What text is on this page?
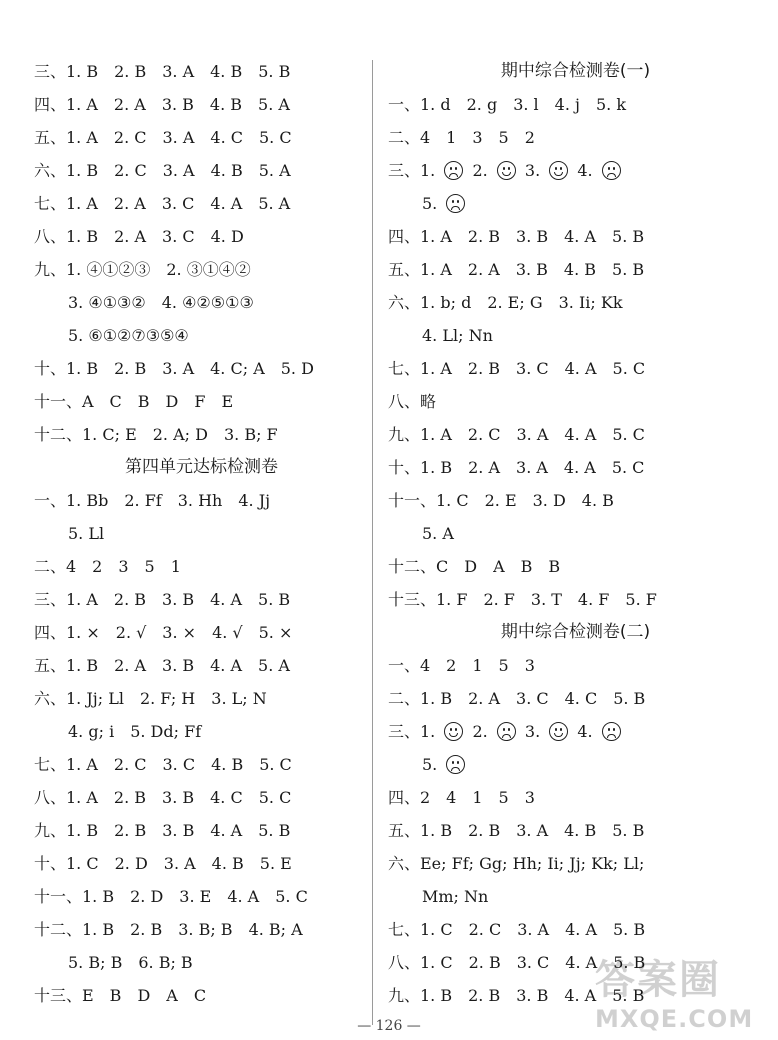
三、1. B　2. B　3. A　4. B　5. B
四、1. A　2. A　3. B　4. B　5. A
五、1. A　2. C　3. A　4. C　5. C
六、1. B　2. C　3. A　4. B　5. A
七、1. A　2. A　3. C　4. A　5. A
八、1. B　2. A　3. C　4. D
九、1. ④①②③　2. ③①④②
3. ④①③②　4. ④②⑤①③
5. ⑥①②⑦③⑤④
十、1. B　2. B　3. A　4. C; A　5. D
十一、A　C　B　D　F　E
十二、1. C; E　2. A; D　3. B; F
第四单元达标检测卷
一、1. Bb　2. Ff　3. Hh　4. Jj
5. Ll
二、4　2　3　5　1
三、1. A　2. B　3. B　4. A　5. B
四、1. ×　2. √　3. ×　4. √　5. ×
五、1. B　2. A　3. B　4. A　5. A
六、1. Jj; Ll　2. F; H　3. L; N
4. g; i　5. Dd; Ff
七、1. A　2. C　3. C　4. B　5. C
八、1. A　2. B　3. B　4. C　5. C
九、1. B　2. B　3. B　4. A　5. B
十、1. C　2. D　3. A　4. B　5. E
十一、1. B　2. D　3. E　4. A　5. C
十二、1. B　2. B　3. B; B　4. B; A
5. B; B　6. B; B
十三、E　B　D　A　C
期中综合检测卷(一)
一、1. d　2. g　3. l　4. j　5. k
二、4　1　3　5　2
三、1. 2. 3. 4.
5.
四、1. A　2. B　3. B　4. A　5. B
五、1. A　2. A　3. B　4. B　5. B
六、1. b; d　2. E; G　3. Ii; Kk
4. Ll; Nn
七、1. A　2. B　3. C　4. A　5. C
八、略
九、1. A　2. C　3. A　4. A　5. C
十、1. B　2. A　3. A　4. A　5. C
十一、1. C　2. E　3. D　4. B
5. A
十二、C　D　A　B　B
十三、1. F　2. F　3. T　4. F　5. F
期中综合检测卷(二)
一、4　2　1　5　3
二、1. B　2. A　3. C　4. C　5. B
三、1. 2. 3. 4.
5.
四、2　4　1　5　3
五、1. B　2. B　3. A　4. B　5. B
六、Ee; Ff; Gg; Hh; Ii; Jj; Kk; Ll;
Mm; Nn
七、1. C　2. C　3. A　4. A　5. B
八、1. C　2. B　3. C　4. A　5. B
九、1. B　2. B　3. B　4. A　5. B
— 126 —
答案圈
MXQE.COM
